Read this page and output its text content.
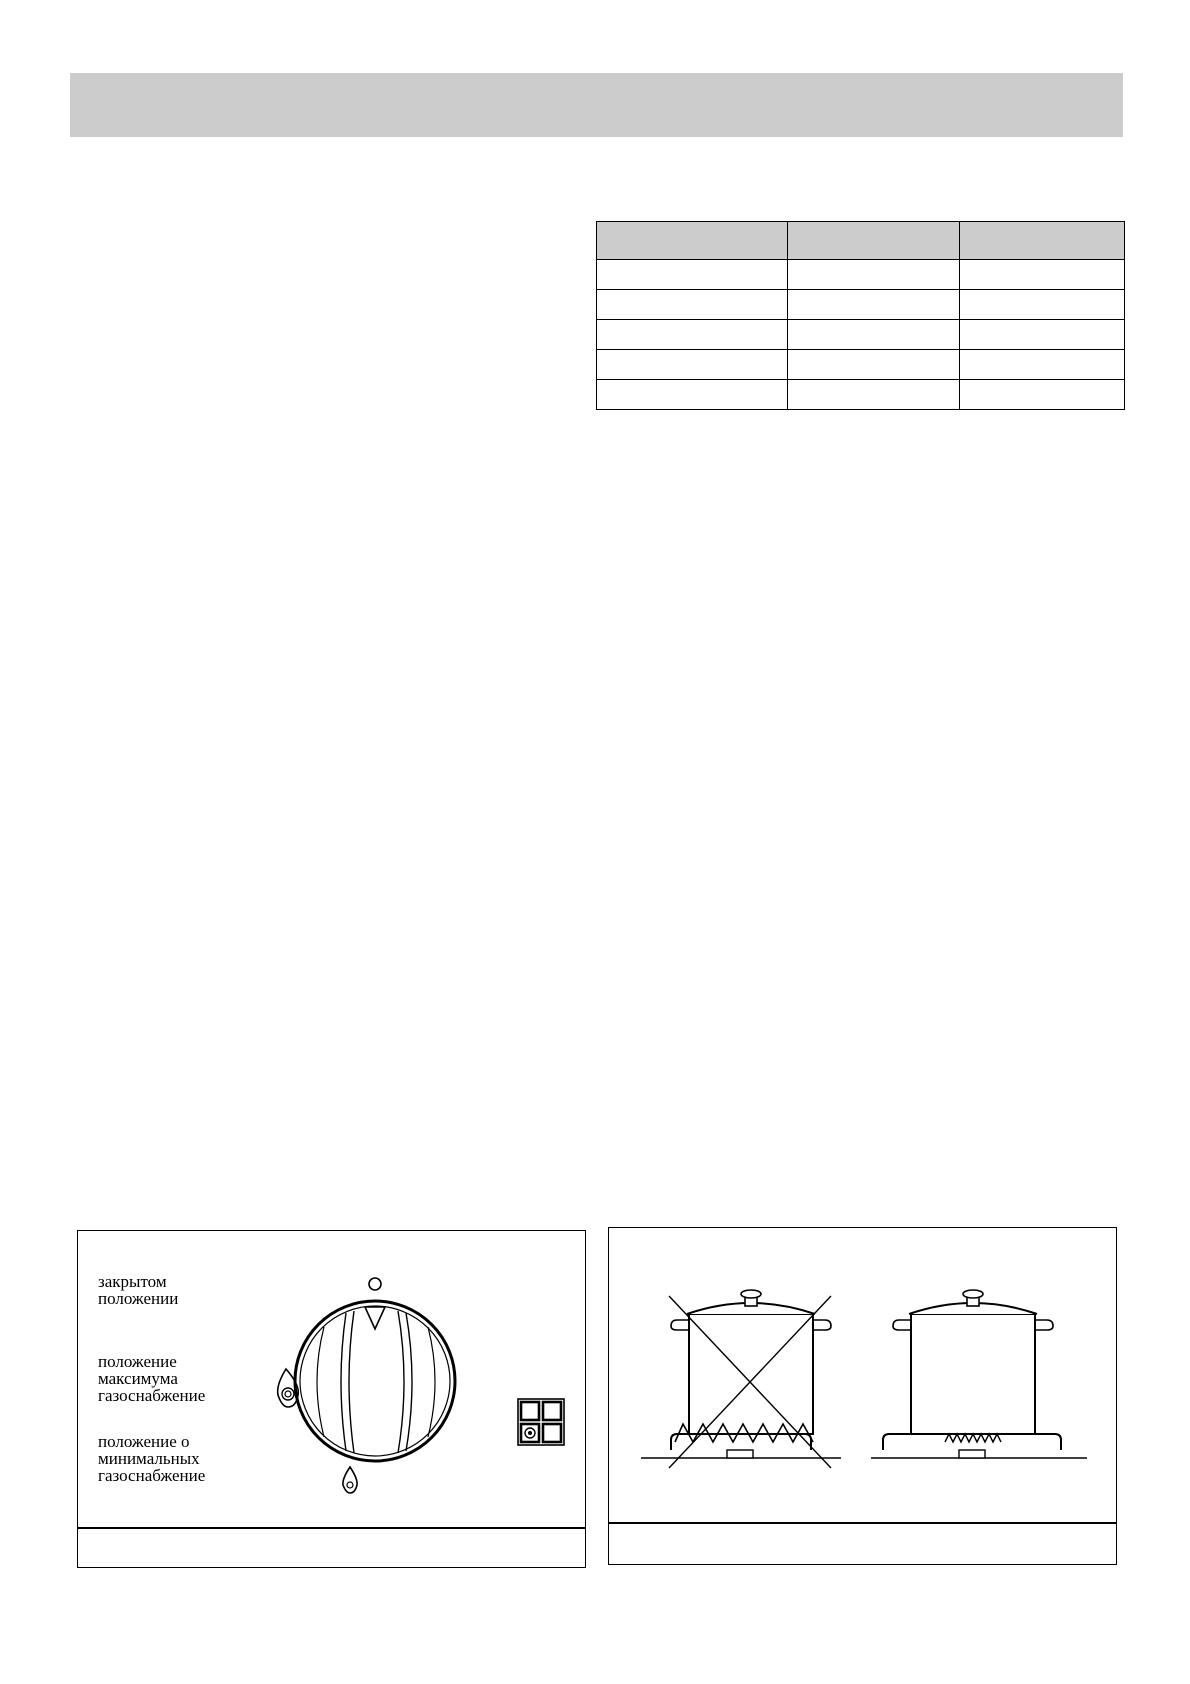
закрытом
положении
положение
максимума
газоснабжение
положение о
минимальных
газоснабжение
